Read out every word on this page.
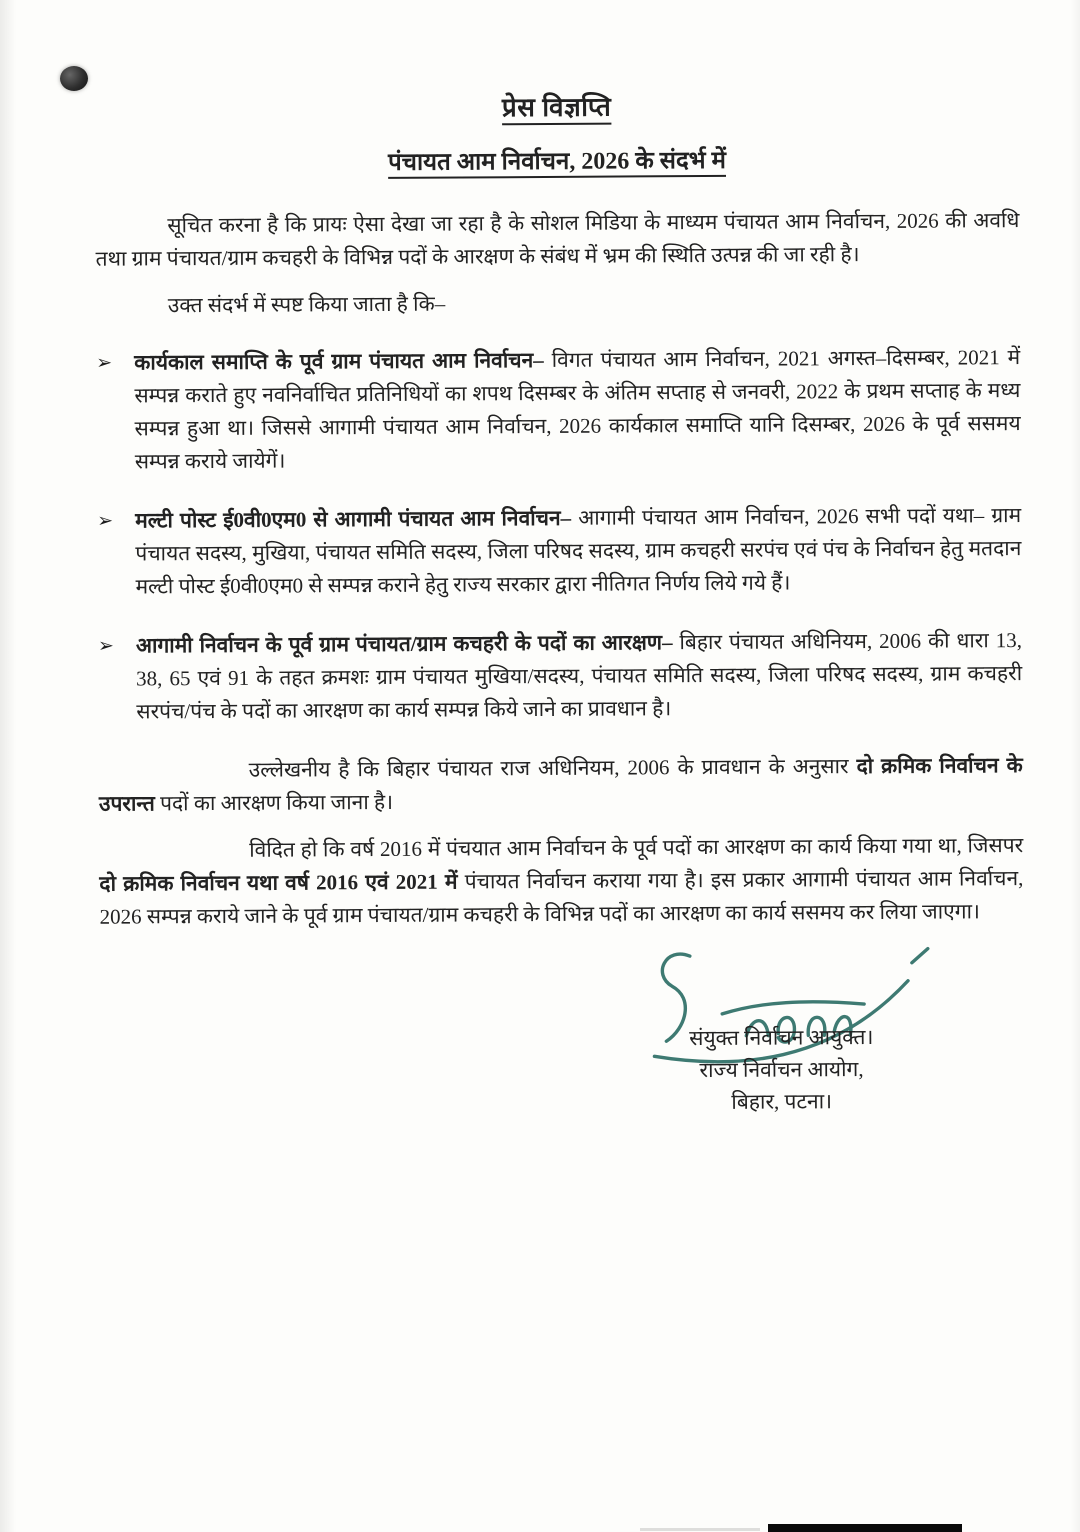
प्रेस विज्ञप्ति
पंचायत आम निर्वाचन, 2026 के संदर्भ में

सूचित करना है कि प्रायः ऐसा देखा जा रहा है के सोशल मिडिया के माध्यम पंचायत आम निर्वाचन, 2026 की अवधि तथा ग्राम पंचायत/ग्राम कचहरी के विभिन्न पदों के आरक्षण के संबंध में भ्रम की स्थिति उत्पन्न की जा रही है।

उक्त संदर्भ में स्पष्ट किया जाता है कि–

➢ कार्यकाल समाप्ति के पूर्व ग्राम पंचायत आम निर्वाचन– विगत पंचायत आम निर्वाचन, 2021 अगस्त–दिसम्बर, 2021 में सम्पन्न कराते हुए नवनिर्वाचित प्रतिनिधियों का शपथ दिसम्बर के अंतिम सप्ताह से जनवरी, 2022 के प्रथम सप्ताह के मध्य सम्पन्न हुआ था। जिससे आगामी पंचायत आम निर्वाचन, 2026 कार्यकाल समाप्ति यानि दिसम्बर, 2026 के पूर्व ससमय सम्पन्न कराये जायेगें।
➢ मल्टी पोस्ट ई0वी0एम0 से आगामी पंचायत आम निर्वाचन– आगामी पंचायत आम निर्वाचन, 2026 सभी पदों यथा– ग्राम पंचायत सदस्य, मुखिया, पंचायत समिति सदस्य, जिला परिषद सदस्य, ग्राम कचहरी सरपंच एवं पंच के निर्वाचन हेतु मतदान मल्टी पोस्ट ई0वी0एम0 से सम्पन्न कराने हेतु राज्य सरकार द्वारा नीतिगत निर्णय लिये गये हैं।
➢ आगामी निर्वाचन के पूर्व ग्राम पंचायत/ग्राम कचहरी के पदों का आरक्षण– बिहार पंचायत अधिनियम, 2006 की धारा 13, 38, 65 एवं 91 के तहत क्रमशः ग्राम पंचायत मुखिया/सदस्य, पंचायत समिति सदस्य, जिला परिषद सदस्य, ग्राम कचहरी सरपंच/पंच के पदों का आरक्षण का कार्य सम्पन्न किये जाने का प्रावधान है।

उल्लेखनीय है कि बिहार पंचायत राज अधिनियम, 2006 के प्रावधान के अनुसार दो क्रमिक निर्वाचन के उपरान्त पदों का आरक्षण किया जाना है।

विदित हो कि वर्ष 2016 में पंचयात आम निर्वाचन के पूर्व पदों का आरक्षण का कार्य किया गया था, जिसपर दो क्रमिक निर्वाचन यथा वर्ष 2016 एवं 2021 में पंचायत निर्वाचन कराया गया है। इस प्रकार आगामी पंचायत आम निर्वाचन, 2026 सम्पन्न कराये जाने के पूर्व ग्राम पंचायत/ग्राम कचहरी के विभिन्न पदों का आरक्षण का कार्य ससमय कर लिया जाएगा।

संयुक्त निर्वाचन आयुक्त।
राज्य निर्वाचन आयोग,
बिहार, पटना।
